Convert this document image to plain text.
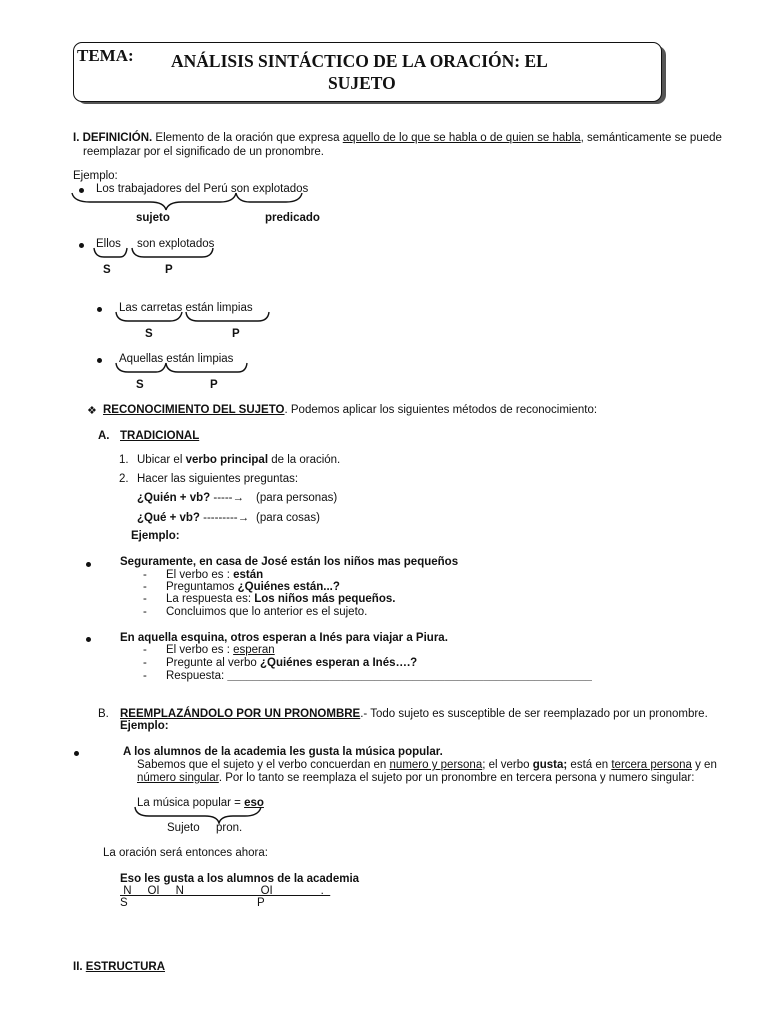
TEMA: ANÁLISIS SINTÁCTICO DE LA ORACIÓN: EL
SUJETO
I. DEFINICIÓN. Elemento de la oración que expresa aquello de lo que se habla o de quien se habla, semánticamente se puede
reemplazar por el significado de un pronombre.
Ejemplo:
Los trabajadores del Perú son explotados
sujeto	predicado
Ellos son explotados
S	P
Las carretas están limpias
S	P
Aquellas están limpias
S	P
❖ RECONOCIMIENTO DEL SUJETO. Podemos aplicar los siguientes métodos de reconocimiento:
A. TRADICIONAL
1. Ubicar el verbo principal de la oración.
2. Hacer las siguientes preguntas:
¿Quién + vb? -----→ (para personas)
¿Qué + vb? ---------→ (para cosas)
Ejemplo:
Seguramente, en casa de José están los niños mas pequeños
- El verbo es : están
- Preguntamos ¿Quiénes están...?
- La respuesta es: Los niños más pequeños.
- Concluimos que lo anterior es el sujeto.
En aquella esquina, otros esperan a Inés para viajar a Piura.
- El verbo es : esperan
- Pregunte al verbo ¿Quiénes esperan a Inés….?
- Respuesta: _________________________________________________________
B. REEMPLAZÁNDOLO POR UN PRONOMBRE.- Todo sujeto es susceptible de ser reemplazado por un pronombre.
Ejemplo:
A los alumnos de la academia les gusta la música popular.
Sabemos que el sujeto y el verbo concuerdan en numero y persona; el verbo gusta; está en tercera persona y en
número singular. Por lo tanto se reemplaza el sujeto por un pronombre en tercera persona y numero singular:
La música popular = eso
Sujeto pron.
La oración será entonces ahora:
Eso les gusta a los alumnos de la academia
N     OI     N                        OI               .
S	P
II. ESTRUCTURA
